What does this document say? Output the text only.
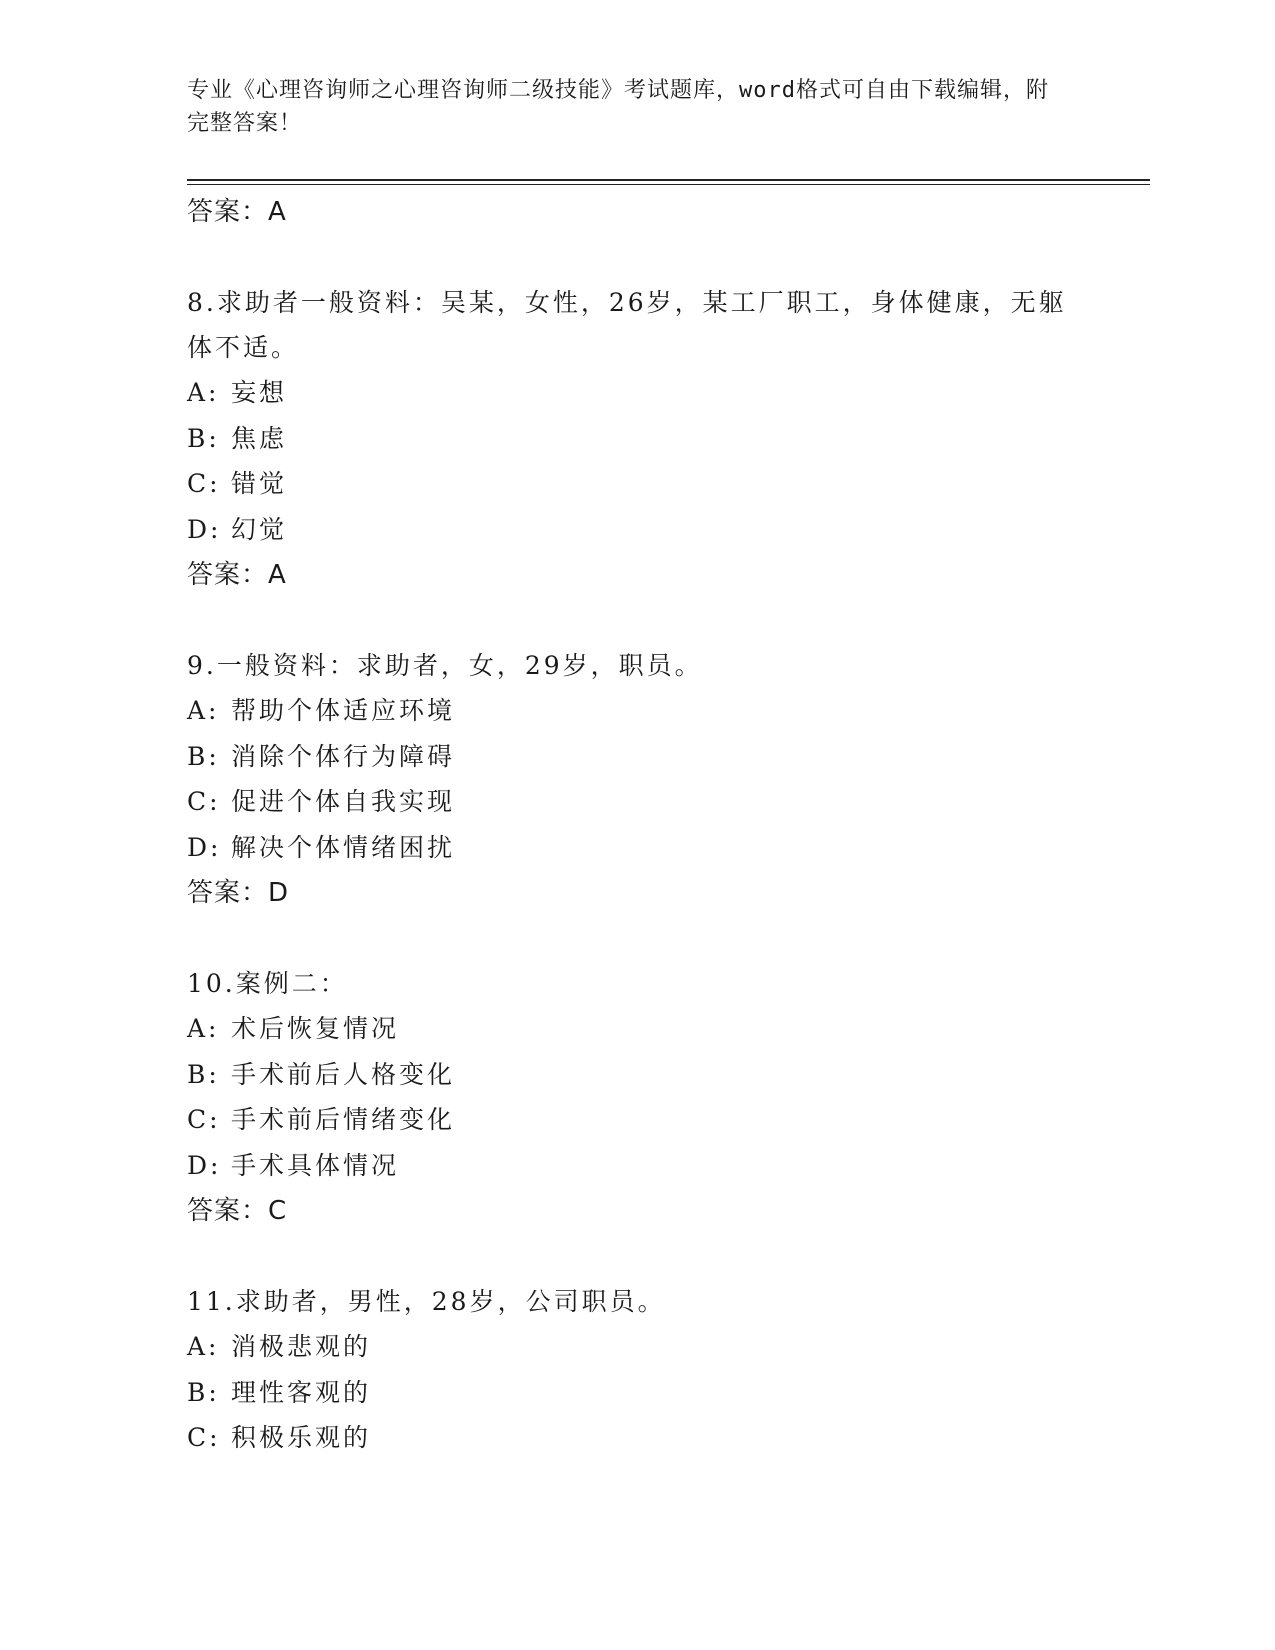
专业《心理咨询师之心理咨询师二级技能》考试题库，word格式可自由下载编辑，附完整答案！
答案：A
8.求助者一般资料：吴某，女性，26岁，某工厂职工，身体健康，无躯体不适。
A: 妄想
B: 焦虑
C: 错觉
D: 幻觉
答案：A
9.一般资料：求助者，女，29岁，职员。
A: 帮助个体适应环境
B: 消除个体行为障碍
C: 促进个体自我实现
D: 解决个体情绪困扰
答案：D
10.案例二：
A: 术后恢复情况
B: 手术前后人格变化
C: 手术前后情绪变化
D: 手术具体情况
答案：C
11.求助者，男性，28岁，公司职员。
A: 消极悲观的
B: 理性客观的
C: 积极乐观的
